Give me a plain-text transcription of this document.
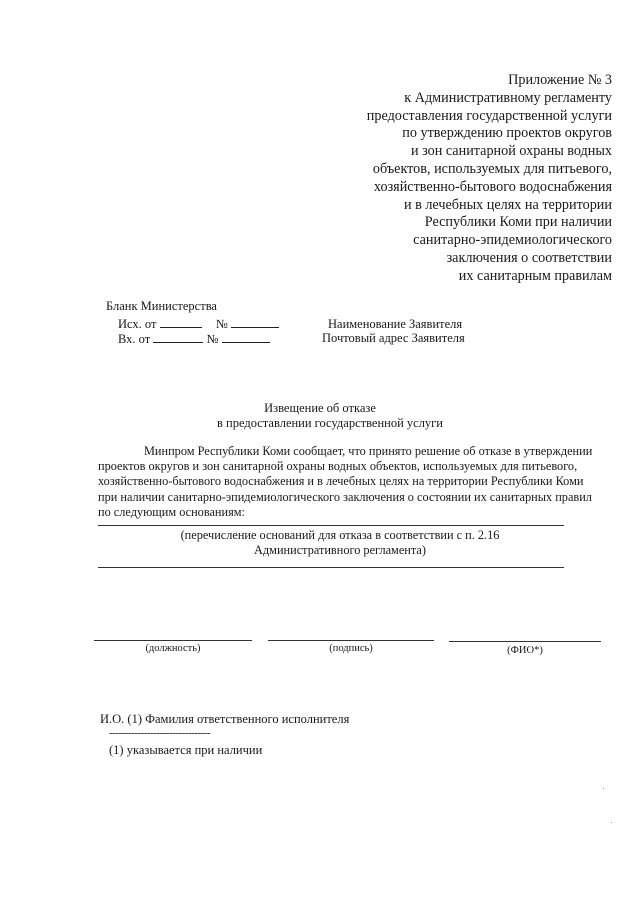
Приложение № 3
к Административному регламенту
предоставления государственной услуги
по утверждению проектов округов
и зон санитарной охраны водных
объектов, используемых для питьевого,
хозяйственно-бытового водоснабжения
и в лечебных целях на территории
Республики Коми при наличии
санитарно-эпидемиологического
заключения о соответствии
их санитарным правилам
Бланк Министерства
Исх. от	№
Вх. от	№
Наименование Заявителя
Почтовый адрес Заявителя
Извещение об отказе
в предоставлении государственной услуги
Минпром Республики Коми сообщает, что принято решение об отказе в утверждении
проектов округов и зон санитарной охраны водных объектов, используемых для питьевого,
хозяйственно-бытового водоснабжения и в лечебных целях на территории Республики Коми
при наличии санитарно-эпидемиологического заключения о состоянии их санитарных правил
по следующим основаниям:
(перечисление оснований для отказа в соответствии с п. 2.16
Административного регламента)
(должность)	(подпись)	(ФИО*)
И.О. (1) Фамилия ответственного исполнителя
--------------------------------
(1) указывается при наличии
